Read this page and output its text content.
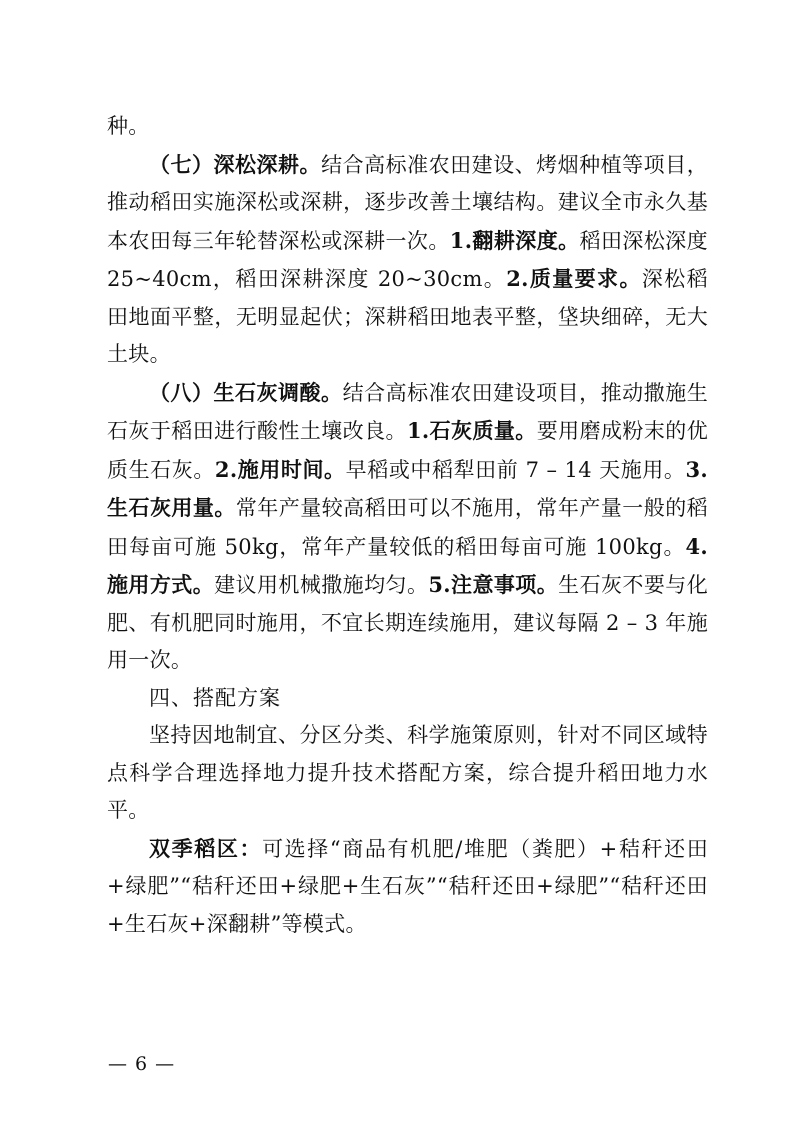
种。

（七）深松深耕。结合高标准农田建设、烤烟种植等项目，推动稻田实施深松或深耕，逐步改善土壤结构。建议全市永久基本农田每三年轮替深松或深耕一次。1.翻耕深度。稻田深松深度 25~40cm，稻田深耕深度 20~30cm。2.质量要求。深松稻田地面平整，无明显起伏；深耕稻田地表平整，垡块细碎，无大土块。

（八）生石灰调酸。结合高标准农田建设项目，推动撒施生石灰于稻田进行酸性土壤改良。1.石灰质量。要用磨成粉末的优质生石灰。2.施用时间。早稻或中稻犁田前 7 – 14 天施用。3.生石灰用量。常年产量较高稻田可以不施用，常年产量一般的稻田每亩可施 50kg，常年产量较低的稻田每亩可施 100kg。4.施用方式。建议用机械撒施均匀。5.注意事项。生石灰不要与化肥、有机肥同时施用，不宜长期连续施用，建议每隔 2 – 3 年施用一次。

四、搭配方案

坚持因地制宜、分区分类、科学施策原则，针对不同区域特点科学合理选择地力提升技术搭配方案，综合提升稻田地力水平。

双季稻区：可选择“商品有机肥/堆肥（粪肥）+秸秆还田+绿肥”“秸秆还田+绿肥+生石灰”“秸秆还田+绿肥”“秸秆还田+生石灰+深翻耕”等模式。

— 6 —
